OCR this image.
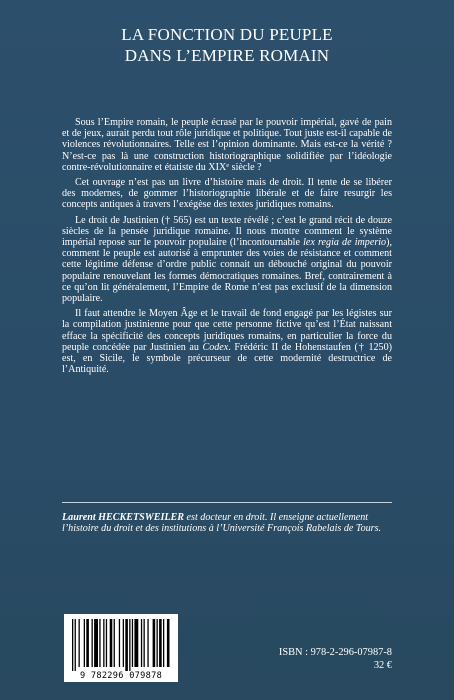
LA FONCTION DU PEUPLE
DANS L’EMPIRE ROMAIN

Sous l’Empire romain, le peuple écrasé par le pouvoir impérial, gavé de pain et de jeux, aurait perdu tout rôle juridique et politique. Tout juste est-il capable de violences révolutionnaires. Telle est l’opinion dominante. Mais est-ce la vérité ? N’est-ce pas là une construction historiographique solidifiée par l’idéologie contre-révolutionnaire et étatiste du XIXe siècle ?

Cet ouvrage n’est pas un livre d’histoire mais de droit. Il tente de se libérer des modernes, de gommer l’historiographie libérale et de faire resurgir les concepts antiques à travers l’exégèse des textes juridiques romains.

Le droit de Justinien († 565) est un texte révélé ; c’est le grand récit de douze siècles de la pensée juridique romaine. Il nous montre comment le système impérial repose sur le pouvoir populaire (l’incontournable lex regia de imperio), comment le peuple est autorisé à emprunter des voies de résistance et comment cette légitime défense d’ordre public connait un débouché original du pouvoir populaire renouvelant les formes démocratiques romaines. Bref, contrairement à ce qu’on lit généralement, l’Empire de Rome n’est pas exclusif de la dimension populaire.

Il faut attendre le Moyen Âge et le travail de fond engagé par les légistes sur la compilation justinienne pour que cette personne fictive qu’est l’État naissant efface la spécificité des concepts juridiques romains, en particulier la force du peuple concédée par Justinien au Codex. Frédéric II de Hohenstaufen († 1250) est, en Sicile, le symbole précurseur de cette modernité destructrice de l’Antiquité.

Laurent HECKETSWEILER est docteur en droit. Il enseigne actuellement l’histoire du droit et des institutions à l’Université François Rabelais de Tours.
9 782296 079878
ISBN : 978-2-296-07987-8
32 €
